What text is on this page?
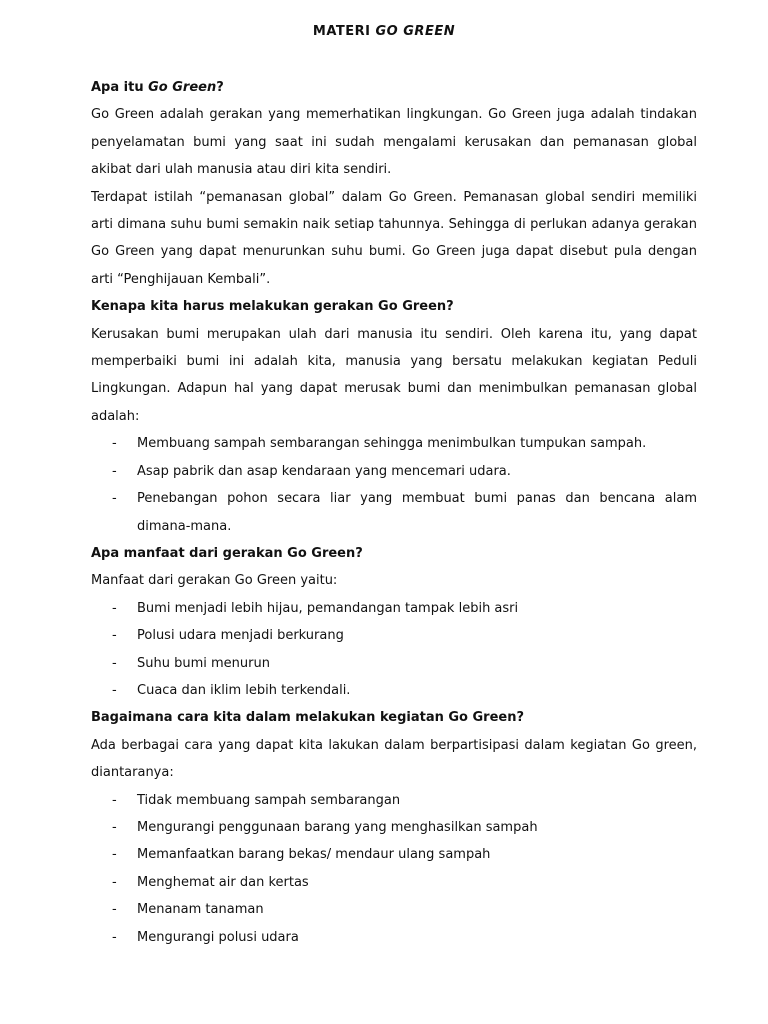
MATERI GO GREEN

Apa itu Go Green?

Go Green adalah gerakan yang memerhatikan lingkungan. Go Green juga adalah tindakan penyelamatan bumi yang saat ini sudah mengalami kerusakan dan pemanasan global akibat dari ulah manusia atau diri kita sendiri.

Terdapat istilah “pemanasan global” dalam Go Green. Pemanasan global sendiri memiliki arti dimana suhu bumi semakin naik setiap tahunnya. Sehingga di perlukan adanya gerakan Go Green yang dapat menurunkan suhu bumi. Go Green juga dapat disebut pula dengan arti “Penghijauan Kembali”.

Kenapa kita harus melakukan gerakan Go Green?

Kerusakan bumi merupakan ulah dari manusia itu sendiri. Oleh karena itu, yang dapat memperbaiki bumi ini adalah kita, manusia yang bersatu melakukan kegiatan Peduli Lingkungan. Adapun hal yang dapat merusak bumi dan menimbulkan pemanasan global adalah:

- Membuang sampah sembarangan sehingga menimbulkan tumpukan sampah.
- Asap pabrik dan asap kendaraan yang mencemari udara.
- Penebangan pohon secara liar yang membuat bumi panas dan bencana alam dimana-mana.

Apa manfaat dari gerakan Go Green?

Manfaat dari gerakan Go Green yaitu:

- Bumi menjadi lebih hijau, pemandangan tampak lebih asri
- Polusi udara menjadi berkurang
- Suhu bumi menurun
- Cuaca dan iklim lebih terkendali.

Bagaimana cara kita dalam melakukan kegiatan Go Green?

Ada berbagai cara yang dapat kita lakukan dalam berpartisipasi dalam kegiatan Go green, diantaranya:

- Tidak membuang sampah sembarangan
- Mengurangi penggunaan barang yang menghasilkan sampah
- Memanfaatkan barang bekas/ mendaur ulang sampah
- Menghemat air dan kertas
- Menanam tanaman
- Mengurangi polusi udara
